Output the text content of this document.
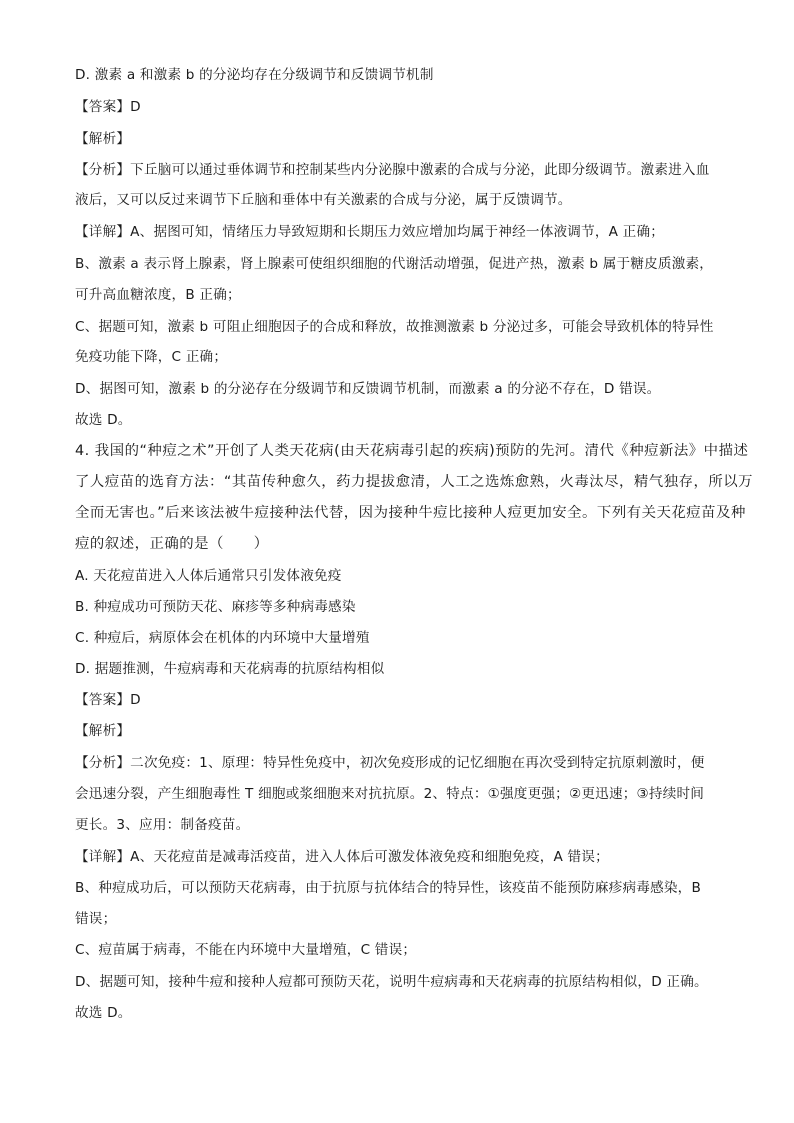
D. 激素 a 和激素 b 的分泌均存在分级调节和反馈调节机制
【答案】D
【解析】
【分析】下丘脑可以通过垂体调节和控制某些内分泌腺中激素的合成与分泌，此即分级调节。激素进入血
液后，又可以反过来调节下丘脑和垂体中有关激素的合成与分泌，属于反馈调节。
【详解】A、据图可知，情绪压力导致短期和长期压力效应增加均属于神经一体液调节，A 正确；
B、激素 a 表示肾上腺素，肾上腺素可使组织细胞的代谢活动增强，促进产热，激素 b 属于糖皮质激素，
可升高血糖浓度，B 正确；
C、据题可知，激素 b 可阻止细胞因子的合成和释放，故推测激素 b 分泌过多，可能会导致机体的特异性
免疫功能下降，C 正确；
D、据图可知，激素 b 的分泌存在分级调节和反馈调节机制，而激素 a 的分泌不存在，D 错误。
故选 D。
4. 我国的“种痘之术”开创了人类天花病(由天花病毒引起的疾病)预防的先河。清代《种痘新法》中描述
了人痘苗的选育方法：“其苗传种愈久，药力提拔愈清，人工之选炼愈熟，火毒汰尽，精气独存，所以万
全而无害也。”后来该法被牛痘接种法代替，因为接种牛痘比接种人痘更加安全。下列有关天花痘苗及种
痘的叙述，正确的是（　　）
A. 天花痘苗进入人体后通常只引发体液免疫
B. 种痘成功可预防天花、麻疹等多种病毒感染
C. 种痘后，病原体会在机体的内环境中大量增殖
D. 据题推测，牛痘病毒和天花病毒的抗原结构相似
【答案】D
【解析】
【分析】二次免疫：1、原理：特异性免疫中，初次免疫形成的记忆细胞在再次受到特定抗原刺激时，便
会迅速分裂，产生细胞毒性 T 细胞或浆细胞来对抗抗原。2、特点：①强度更强；②更迅速；③持续时间
更长。3、应用：制备疫苗。
【详解】A、天花痘苗是减毒活疫苗，进入人体后可激发体液免疫和细胞免疫，A 错误；
B、种痘成功后，可以预防天花病毒，由于抗原与抗体结合的特异性，该疫苗不能预防麻疹病毒感染，B
错误；
C、痘苗属于病毒，不能在内环境中大量增殖，C 错误；
D、据题可知，接种牛痘和接种人痘都可预防天花，说明牛痘病毒和天花病毒的抗原结构相似，D 正确。
故选 D。
